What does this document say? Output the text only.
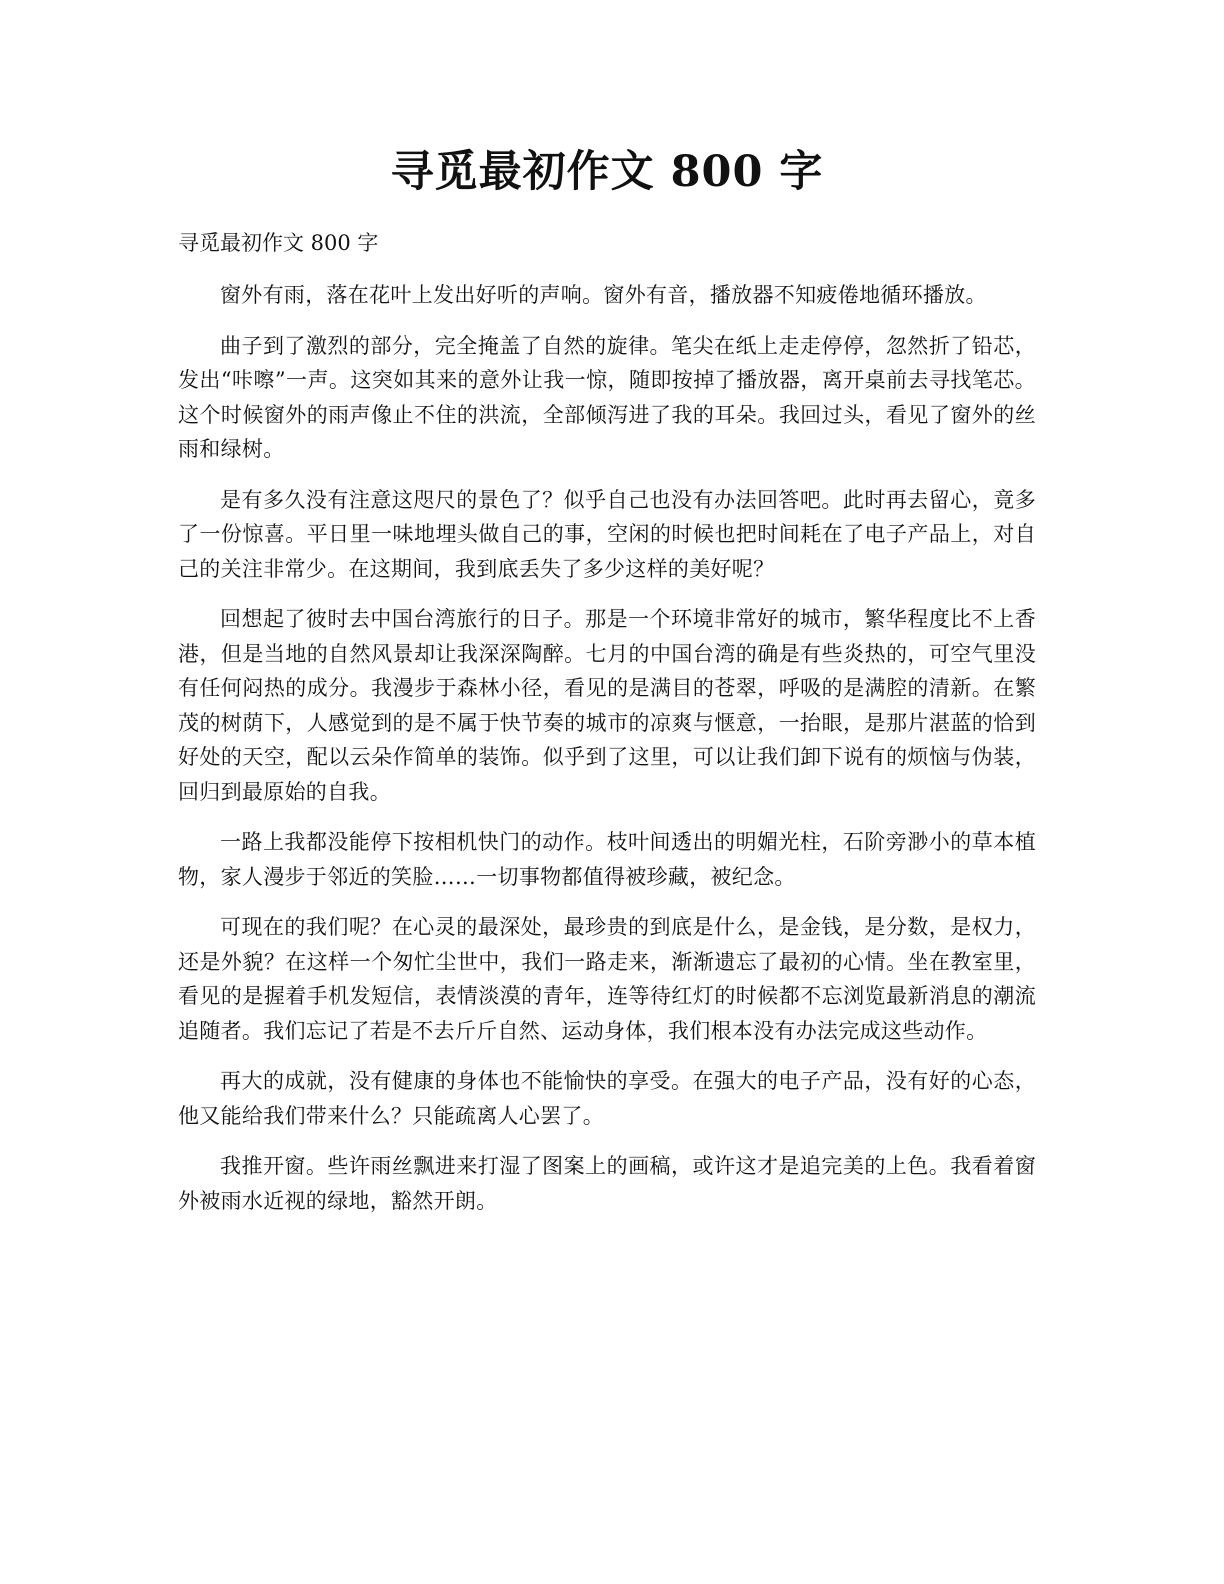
寻觅最初作文 800 字

寻觅最初作文 800 字

窗外有雨，落在花叶上发出好听的声响。窗外有音，播放器不知疲倦地循环播放。

曲子到了激烈的部分，完全掩盖了自然的旋律。笔尖在纸上走走停停，忽然折了铅芯，发出“咔嚓”一声。这突如其来的意外让我一惊，随即按掉了播放器，离开桌前去寻找笔芯。这个时候窗外的雨声像止不住的洪流，全部倾泻进了我的耳朵。我回过头，看见了窗外的丝雨和绿树。

是有多久没有注意这咫尺的景色了？似乎自己也没有办法回答吧。此时再去留心，竟多了一份惊喜。平日里一味地埋头做自己的事，空闲的时候也把时间耗在了电子产品上，对自己的关注非常少。在这期间，我到底丢失了多少这样的美好呢？

回想起了彼时去中国台湾旅行的日子。那是一个环境非常好的城市，繁华程度比不上香港，但是当地的自然风景却让我深深陶醉。七月的中国台湾的确是有些炎热的，可空气里没有任何闷热的成分。我漫步于森林小径，看见的是满目的苍翠，呼吸的是满腔的清新。在繁茂的树荫下，人感觉到的是不属于快节奏的城市的凉爽与惬意，一抬眼，是那片湛蓝的恰到好处的天空，配以云朵作简单的装饰。似乎到了这里，可以让我们卸下说有的烦恼与伪装，回归到最原始的自我。

一路上我都没能停下按相机快门的动作。枝叶间透出的明媚光柱，石阶旁渺小的草本植物，家人漫步于邻近的笑脸……一切事物都值得被珍藏，被纪念。

可现在的我们呢？在心灵的最深处，最珍贵的到底是什么，是金钱，是分数，是权力，还是外貌？在这样一个匆忙尘世中，我们一路走来，渐渐遗忘了最初的心情。坐在教室里，看见的是握着手机发短信，表情淡漠的青年，连等待红灯的时候都不忘浏览最新消息的潮流追随者。我们忘记了若是不去斤斤自然、运动身体，我们根本没有办法完成这些动作。

再大的成就，没有健康的身体也不能愉快的享受。在强大的电子产品，没有好的心态，他又能给我们带来什么？只能疏离人心罢了。

我推开窗。些许雨丝飘进来打湿了图案上的画稿，或许这才是追完美的上色。我看着窗外被雨水近视的绿地，豁然开朗。
